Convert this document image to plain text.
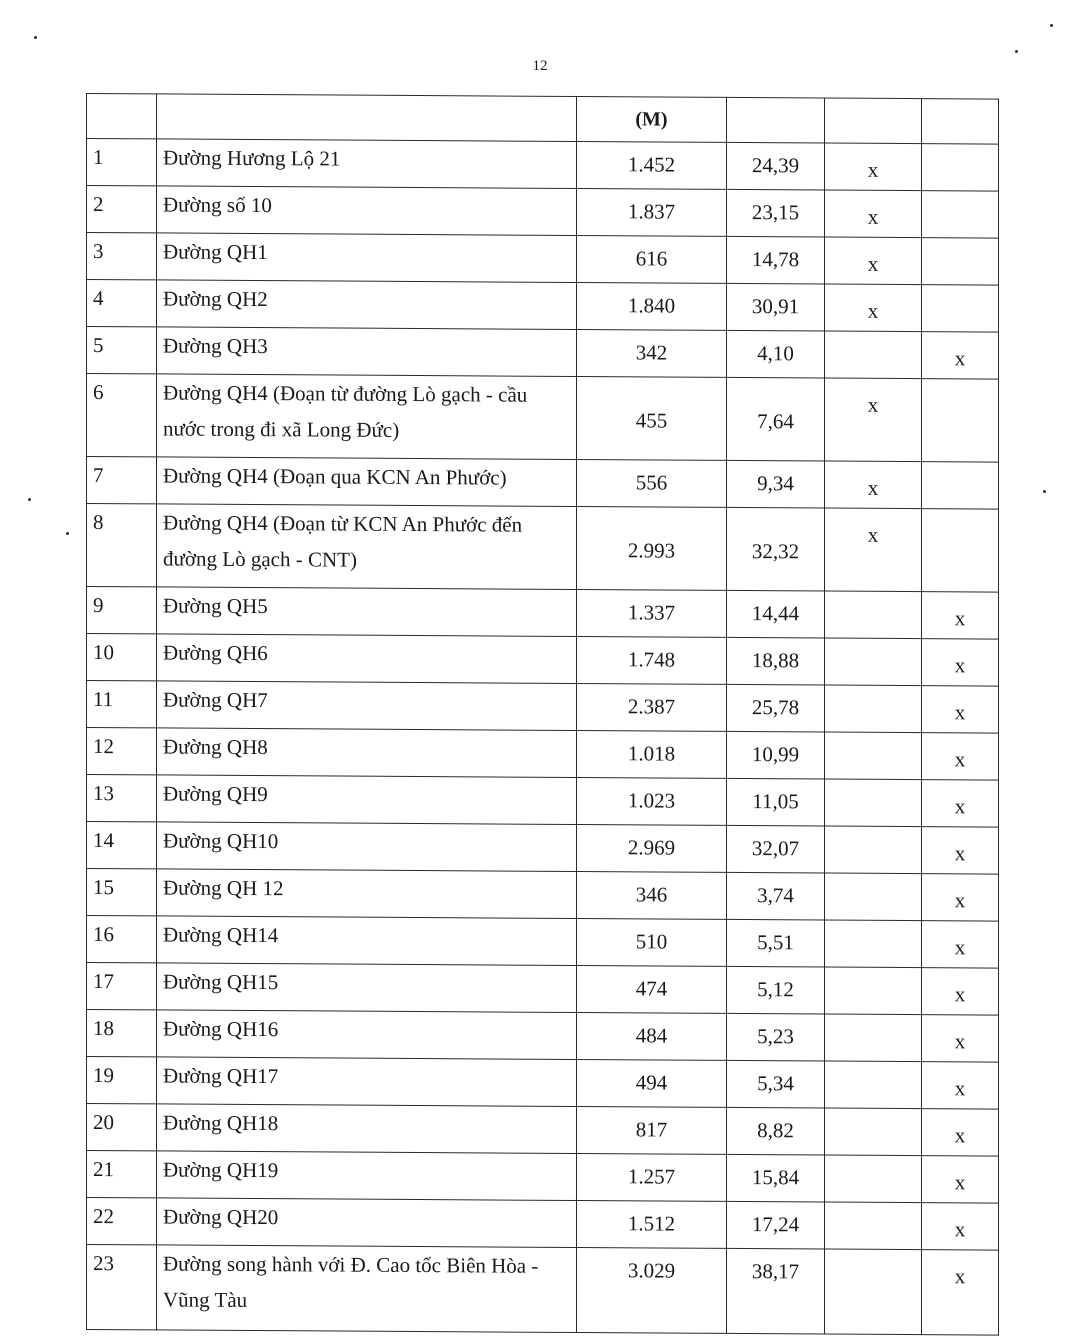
12
		(M)			
1	Đường Hương Lộ 21	1.452	24,39	x	
2	Đường số 10	1.837	23,15	x	
3	Đường QH1	616	14,78	x	
4	Đường QH2	1.840	30,91	x	
5	Đường QH3	342	4,10		x
6	Đường QH4 (Đoạn từ đường Lò gạch - cầu nước trong đi xã Long Đức)	455	7,64	x	
7	Đường QH4 (Đoạn qua KCN An Phước)	556	9,34	x	
8	Đường QH4 (Đoạn từ KCN An Phước đến đường Lò gạch - CNT)	2.993	32,32	x	
9	Đường QH5	1.337	14,44		x
10	Đường QH6	1.748	18,88		x
11	Đường QH7	2.387	25,78		x
12	Đường QH8	1.018	10,99		x
13	Đường QH9	1.023	11,05		x
14	Đường QH10	2.969	32,07		x
15	Đường QH 12	346	3,74		x
16	Đường QH14	510	5,51		x
17	Đường QH15	474	5,12		x
18	Đường QH16	484	5,23		x
19	Đường QH17	494	5,34		x
20	Đường QH18	817	8,82		x
21	Đường QH19	1.257	15,84		x
22	Đường QH20	1.512	17,24		x
23	Đường song hành với Đ. Cao tốc Biên Hòa - Vũng Tàu	3.029	38,17		x
